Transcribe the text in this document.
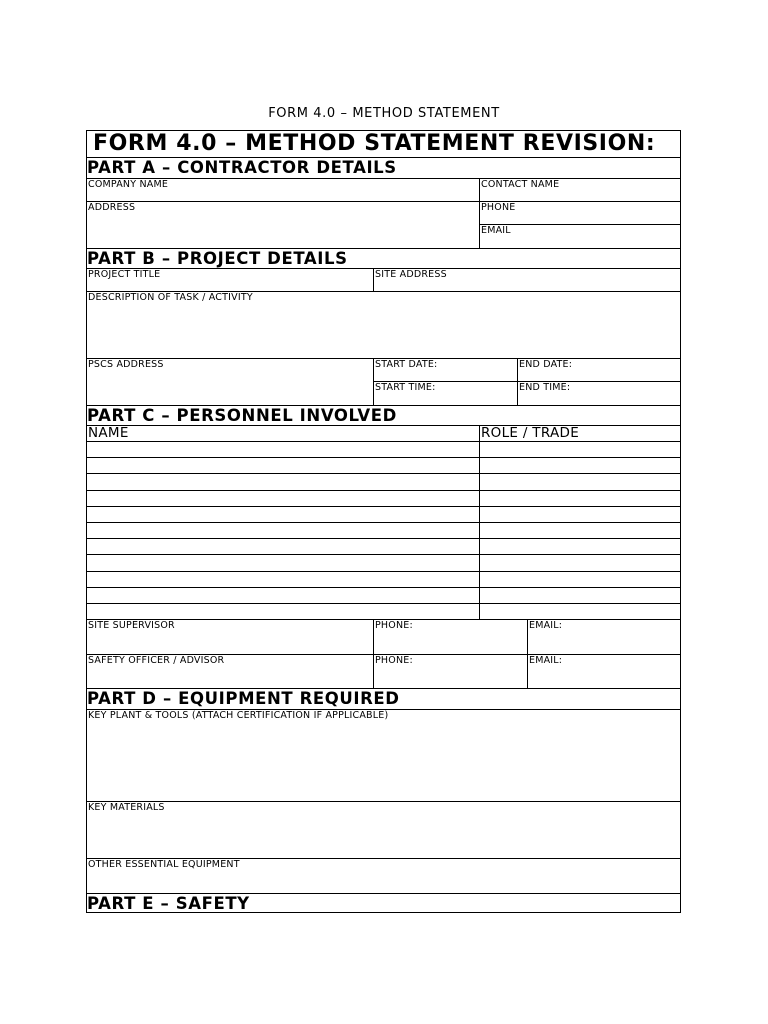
FORM 4.0 – METHOD STATEMENT
FORM 4.0 – METHOD STATEMENT REVISION:
PART A – CONTRACTOR DETAILS
COMPANY NAME	CONTACT NAME
ADDRESS	PHONE
EMAIL
PART B – PROJECT DETAILS
PROJECT TITLE	SITE ADDRESS
DESCRIPTION OF TASK / ACTIVITY
PSCS ADDRESS	START DATE:	END DATE:
START TIME:	END TIME:
PART C – PERSONNEL INVOLVED
NAME	ROLE / TRADE
SITE SUPERVISOR	PHONE:	EMAIL:
SAFETY OFFICER / ADVISOR	PHONE:	EMAIL:
PART D – EQUIPMENT REQUIRED
KEY PLANT & TOOLS (ATTACH CERTIFICATION IF APPLICABLE)
KEY MATERIALS
OTHER ESSENTIAL EQUIPMENT
PART E – SAFETY
